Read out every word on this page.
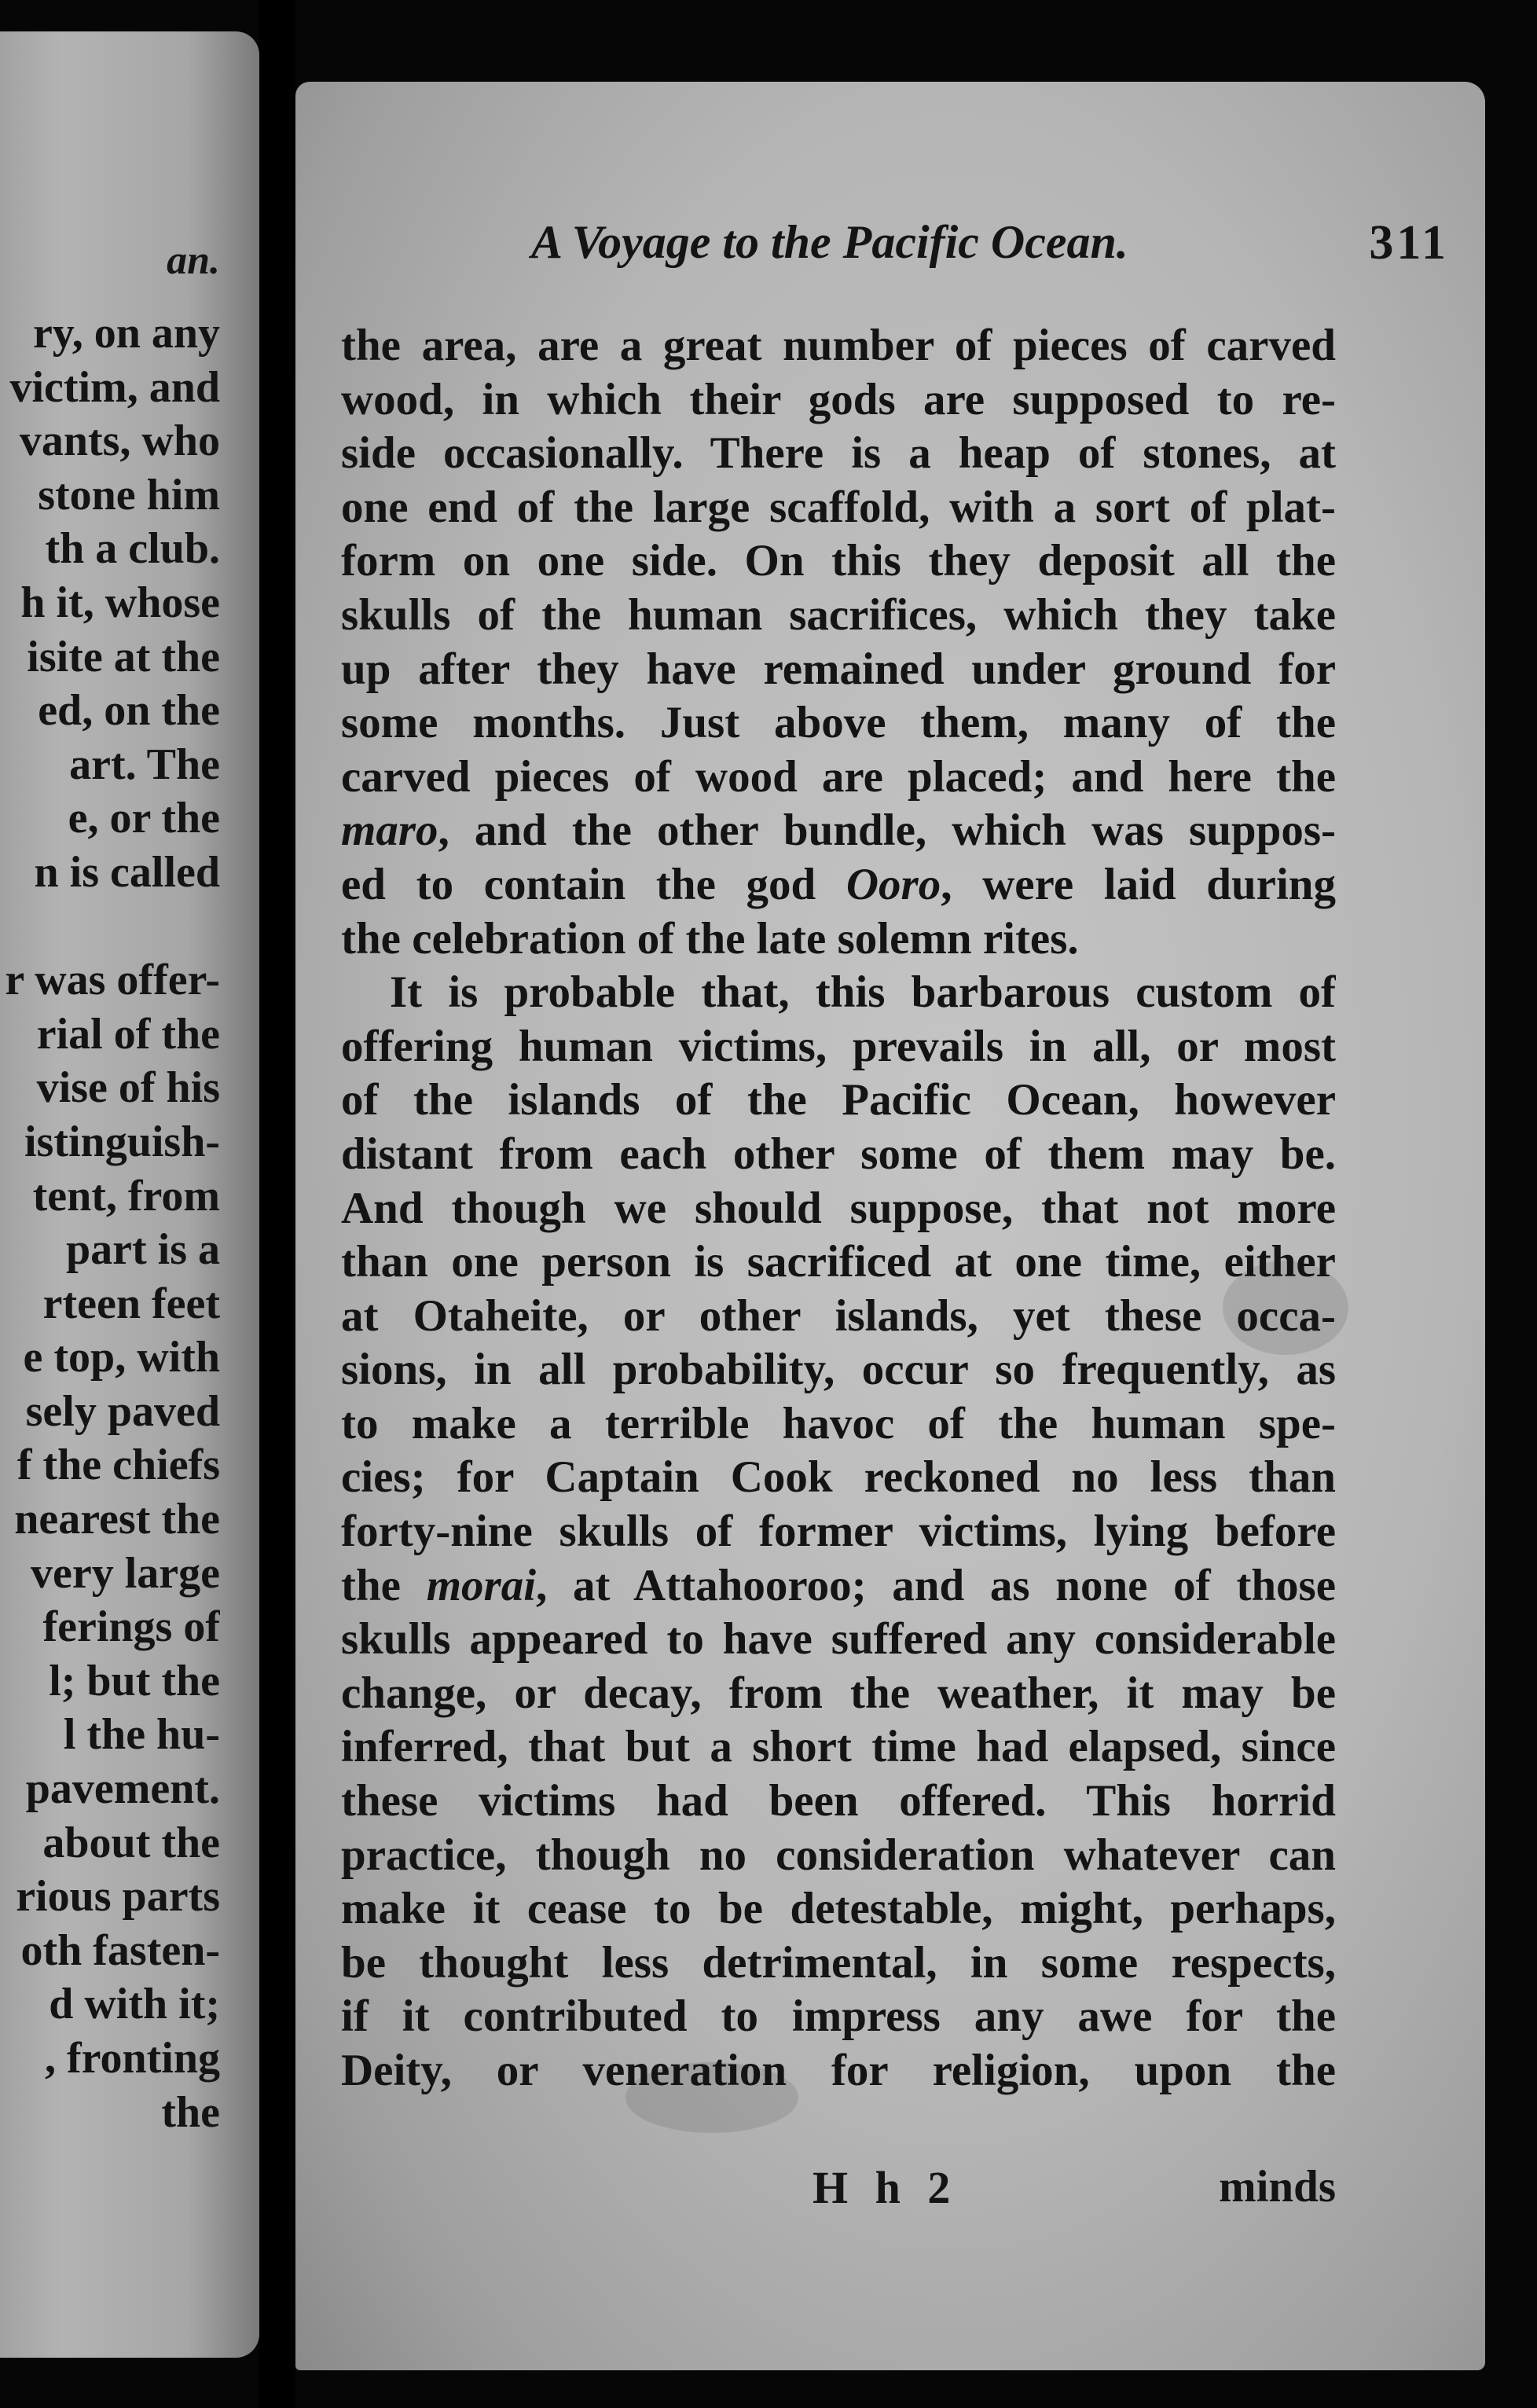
an.
ry, on any
victim, and
vants, who
stone him
th a club.
h it, whose
isite at the
ed, on the
art. The
e, or the
n is called
r was offer-
rial of the
vise of his
istinguish-
tent, from
part is a
rteen feet
e top, with
sely paved
f the chiefs
nearest the
very large
ferings of
l; but the
l the hu-
pavement.
about the
rious parts
oth fasten-
d with it;
, fronting
the
A Voyage to the Pacific Ocean.	311
the area, are a great number of pieces of carved
wood, in which their gods are supposed to re-
side occasionally. There is a heap of stones, at
one end of the large scaffold, with a sort of plat-
form on one side. On this they deposit all the
skulls of the human sacrifices, which they take
up after they have remained under ground for
some months. Just above them, many of the
carved pieces of wood are placed; and here the
maro, and the other bundle, which was suppos-
ed to contain the god Ooro, were laid during
the celebration of the late solemn rites.
It is probable that, this barbarous custom of
offering human victims, prevails in all, or most
of the islands of the Pacific Ocean, however
distant from each other some of them may be.
And though we should suppose, that not more
than one person is sacrificed at one time, either
at Otaheite, or other islands, yet these occa-
sions, in all probability, occur so frequently, as
to make a terrible havoc of the human spe-
cies; for Captain Cook reckoned no less than
forty-nine skulls of former victims, lying before
the morai, at Attahooroo; and as none of those
skulls appeared to have suffered any considerable
change, or decay, from the weather, it may be
inferred, that but a short time had elapsed, since
these victims had been offered. This horrid
practice, though no consideration whatever can
make it cease to be detestable, might, perhaps,
be thought less detrimental, in some respects,
if it contributed to impress any awe for the
Deity, or veneration for religion, upon the
H h 2	minds
